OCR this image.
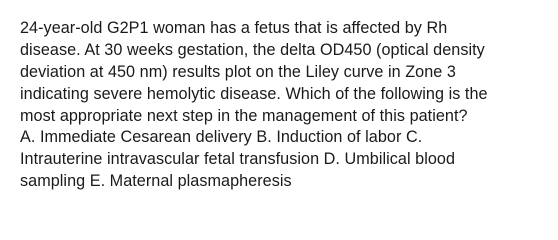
24-year-old G2P1 woman has a fetus that is affected by Rh
disease. At 30 weeks gestation, the delta OD450 (optical density
deviation at 450 nm) results plot on the Liley curve in Zone 3
indicating severe hemolytic disease. Which of the following is the
most appropriate next step in the management of this patient?
A. Immediate Cesarean delivery B. Induction of labor C.
Intrauterine intravascular fetal transfusion D. Umbilical blood
sampling E. Maternal plasmapheresis
